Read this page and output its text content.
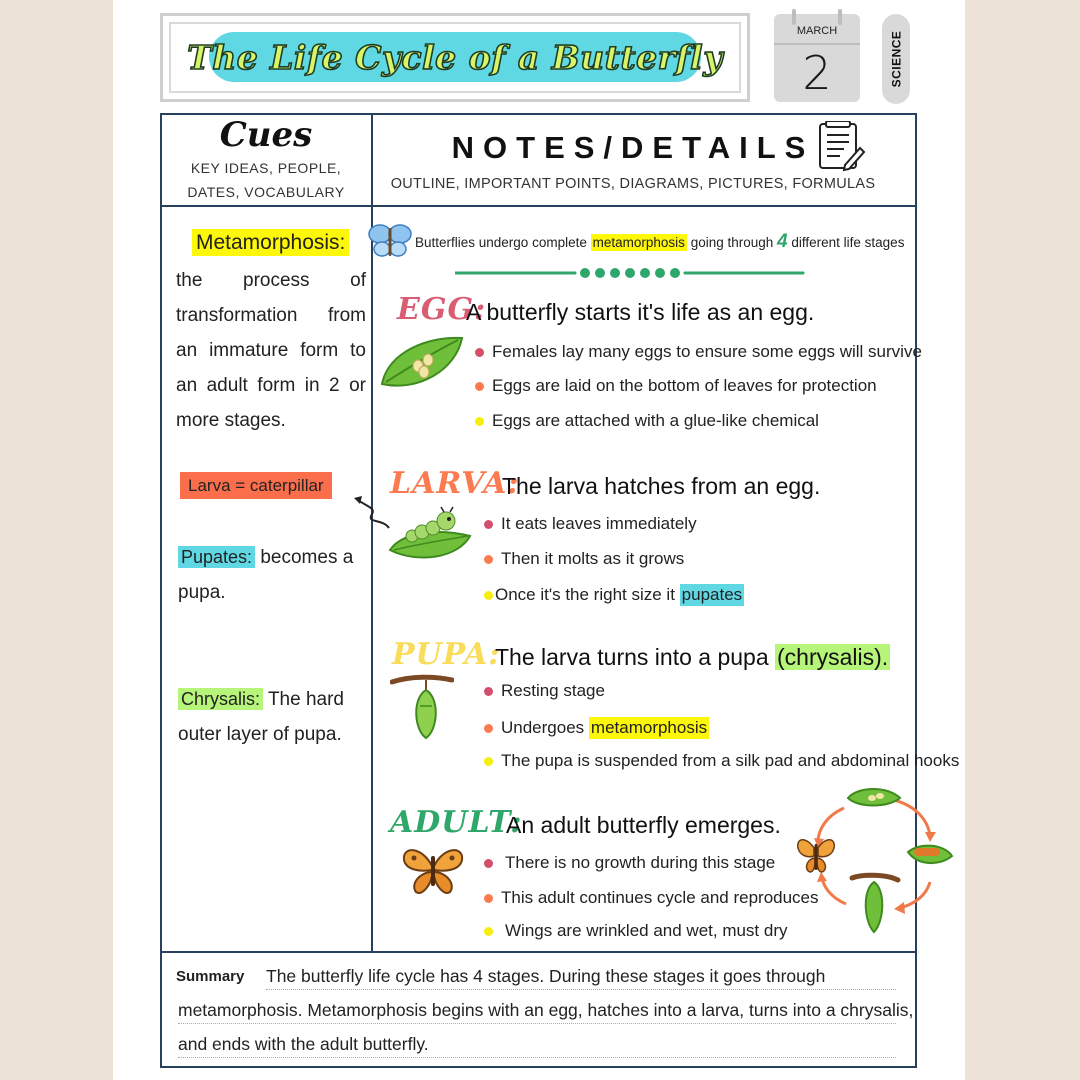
The Life Cycle of a Butterfly
MARCH
2	SCIENCE
Cues
KEY IDEAS, PEOPLE, DATES, VOCABULARY
NOTES/DETAILS
OUTLINE, IMPORTANT POINTS, DIAGRAMS, PICTURES, FORMULAS
Metamorphosis:
the process of transformation from an immature form to an adult form in 2 or more stages.
Larva = caterpillar
Pupates: becomes a pupa.
Chrysalis: The hard outer layer of pupa.
Butterflies undergo complete metamorphosis going through 4 different life stages
EGG:
A butterfly starts it's life as an egg.
Females lay many eggs to ensure some eggs will survive
Eggs are laid on the bottom of leaves for protection
Eggs are attached with a glue-like chemical
LARVA:
The larva hatches from an egg.
It eats leaves immediately
Then it molts as it grows
Once it's the right size it
pupates
PUPA:
The larva turns into a pupa (chrysalis).
Resting stage
Undergoes
metamorphosis
The pupa is suspended from a silk pad and abdominal hooks
ADULT:
An adult butterfly emerges.
There is no growth during this stage
This adult continues cycle and reproduces
Wings are wrinkled and wet, must dry
Summary The butterfly life cycle has 4 stages. During these stages it goes through
metamorphosis. Metamorphosis begins with an egg, hatches into a larva, turns into a chrysalis,
and ends with the adult butterfly.
